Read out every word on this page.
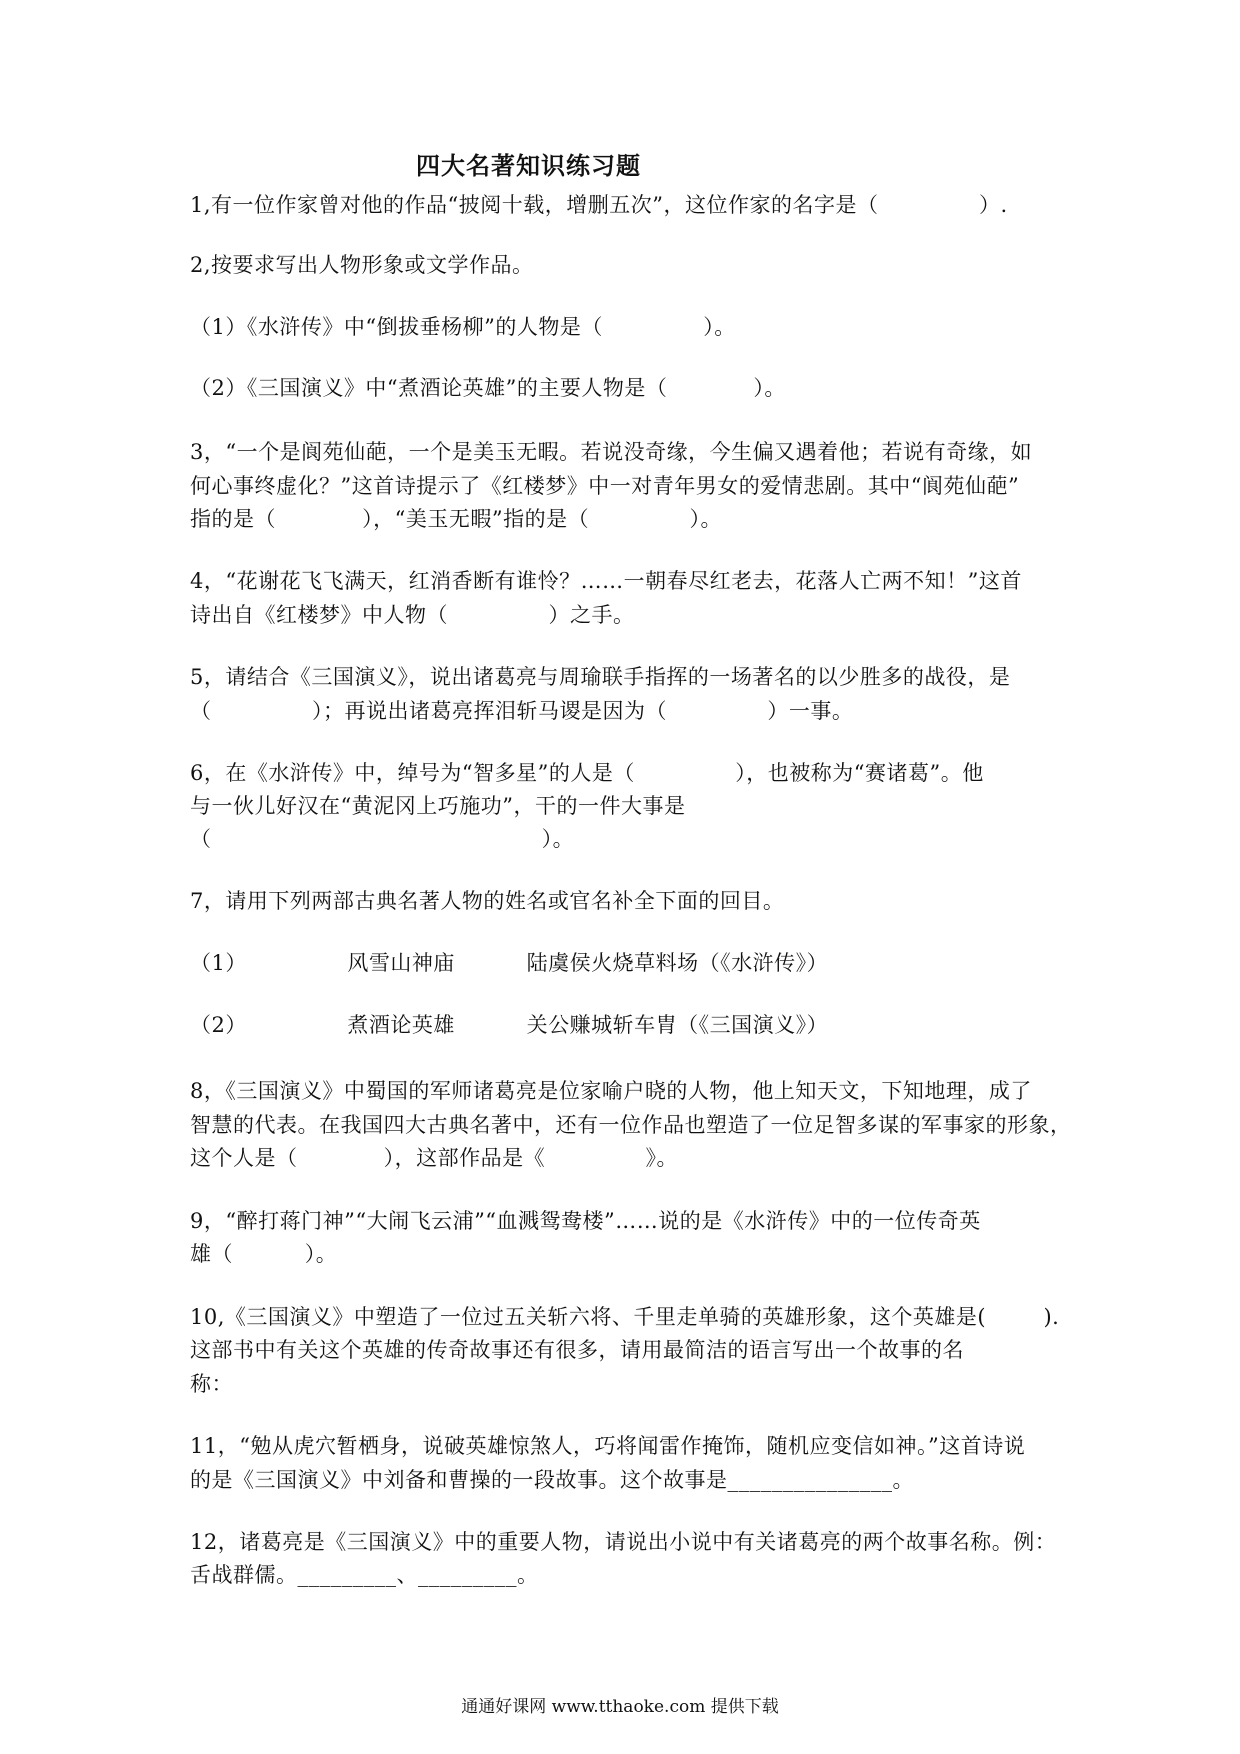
四大名著知识练习题

1,有一位作家曾对他的作品“披阅十载，增删五次”，这位作家的名字是（              ）.

2,按要求写出人物形象或文学作品。

（1）《水浒传》中“倒拔垂杨柳”的人物是（              ）。

（2）《三国演义》中“煮酒论英雄”的主要人物是（            ）。

3，“一个是阆苑仙葩，一个是美玉无暇。若说没奇缘，今生偏又遇着他；若说有奇缘，如

何心事终虚化？”这首诗提示了《红楼梦》中一对青年男女的爱情悲剧。其中“阆苑仙葩”

指的是（            ），“美玉无暇”指的是（              ）。

4，“花谢花飞飞满天，红消香断有谁怜？……一朝春尽红老去，花落人亡两不知！”这首

诗出自《红楼梦》中人物（              ）之手。

5，请结合《三国演义》，说出诸葛亮与周瑜联手指挥的一场著名的以少胜多的战役，是

（              ）；再说出诸葛亮挥泪斩马谡是因为（              ）一事。

6，在《水浒传》中，绰号为“智多星”的人是（              ），也被称为“赛诸葛”。他

与一伙儿好汉在“黄泥冈上巧施功”，干的一件大事是

（                                              ）。

7，请用下列两部古典名著人物的姓名或官名补全下面的回目。

（1）              风雪山神庙          陆虞侯火烧草料场（《水浒传》）

（2）              煮酒论英雄          关公赚城斩车胄（《三国演义》）

8，《三国演义》中蜀国的军师诸葛亮是位家喻户晓的人物，他上知天文，下知地理，成了

智慧的代表。在我国四大古典名著中，还有一位作品也塑造了一位足智多谋的军事家的形象，

这个人是（            ），这部作品是《              》。

9，“醉打蒋门神”“大闹飞云浦”“血溅鸳鸯楼”……说的是《水浒传》中的一位传奇英

雄（          ）。

10,《三国演义》中塑造了一位过五关斩六将、千里走单骑的英雄形象，这个英雄是(        ).

这部书中有关这个英雄的传奇故事还有很多，请用最简洁的语言写出一个故事的名

称：

11，“勉从虎穴暂栖身，说破英雄惊煞人，巧将闻雷作掩饰，随机应变信如神。”这首诗说

的是《三国演义》中刘备和曹操的一段故事。这个故事是_______________。

12，诸葛亮是《三国演义》中的重要人物，请说出小说中有关诸葛亮的两个故事名称。例：

舌战群儒。_________、_________。

通通好课网 www.tthaoke.com 提供下载
